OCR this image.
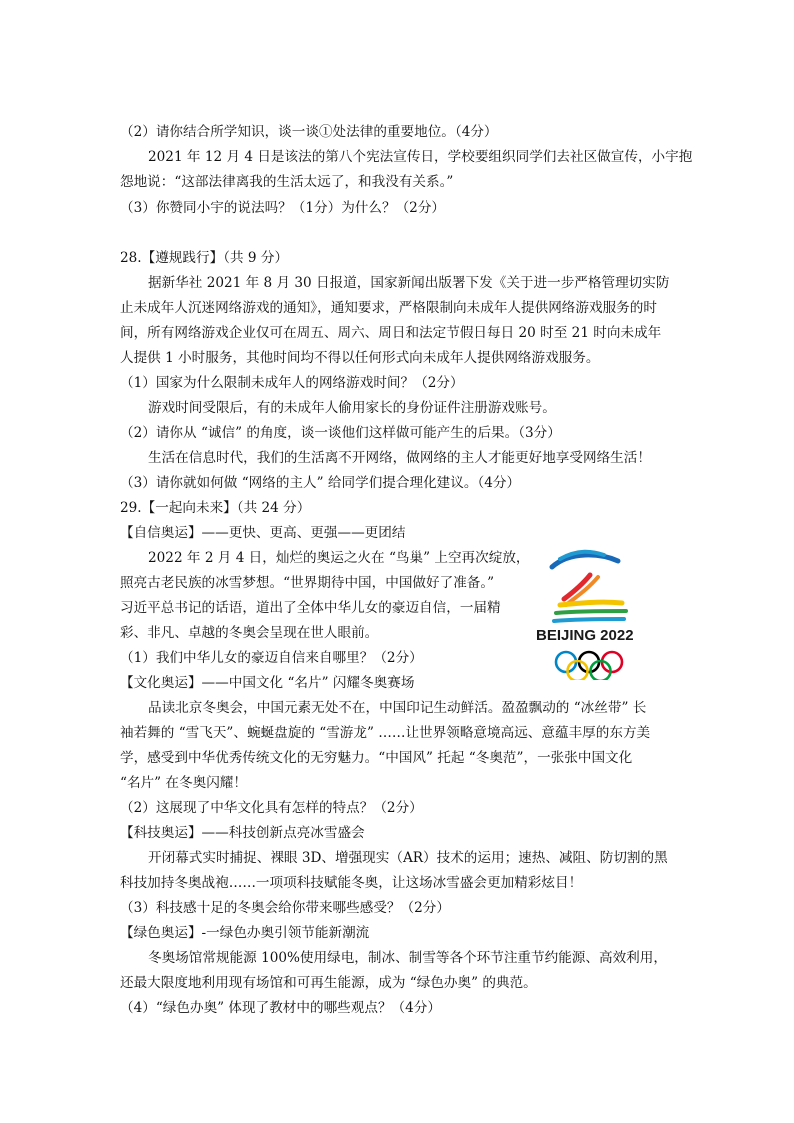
（2）请你结合所学知识，谈一谈①处法律的重要地位。（4分）
2021 年 12 月 4 日是该法的第八个宪法宣传日，学校要组织同学们去社区做宣传，小宇抱
怨地说：“这部法律离我的生活太远了，和我没有关系。”
（3）你赞同小宇的说法吗？（1分）为什么？（2分）
28.【遵规践行】（共 9 分）
据新华社 2021 年 8 月 30 日报道，国家新闻出版署下发《关于进一步严格管理切实防
止未成年人沉迷网络游戏的通知》，通知要求，严格限制向未成年人提供网络游戏服务的时
间，所有网络游戏企业仅可在周五、周六、周日和法定节假日每日 20 时至 21 时向未成年
人提供 1 小时服务，其他时间均不得以任何形式向未成年人提供网络游戏服务。
（1）国家为什么限制未成年人的网络游戏时间？（2分）
游戏时间受限后，有的未成年人偷用家长的身份证件注册游戏账号。
（2）请你从 “诚信” 的角度，谈一谈他们这样做可能产生的后果。（3分）
生活在信息时代，我们的生活离不开网络，做网络的主人才能更好地享受网络生活！
（3）请你就如何做 “网络的主人” 给同学们提合理化建议。（4分）
29.【一起向未来】（共 24 分）
【自信奥运】——更快、更高、更强——更团结
2022 年 2 月 4 日，灿烂的奥运之火在 “鸟巢” 上空再次绽放，
照亮古老民族的冰雪梦想。“世界期待中国，中国做好了准备。”
习近平总书记的话语，道出了全体中华儿女的豪迈自信，一届精
彩、非凡、卓越的冬奥会呈现在世人眼前。
（1）我们中华儿女的豪迈自信来自哪里？（2分）
【文化奥运】——中国文化 “名片” 闪耀冬奥赛场
品读北京冬奥会，中国元素无处不在，中国印记生动鲜活。盈盈飘动的 “冰丝带” 长
袖若舞的 “雪飞天”、蜿蜒盘旋的 “雪游龙” ……让世界领略意境高远、意蕴丰厚的东方美
学，感受到中华优秀传统文化的无穷魅力。“中国风” 托起 “冬奥范”，一张张中国文化
“名片” 在冬奥闪耀！
（2）这展现了中华文化具有怎样的特点？（2分）
【科技奥运】——科技创新点亮冰雪盛会
开闭幕式实时捕捉、裸眼 3D、增强现实（AR）技术的运用；速热、减阻、防切割的黑
科技加持冬奥战袍……一项项科技赋能冬奥，让这场冰雪盛会更加精彩炫目！
（3）科技感十足的冬奥会给你带来哪些感受？（2分）
【绿色奥运】-一绿色办奥引领节能新潮流
冬奥场馆常规能源 100%使用绿电，制冰、制雪等各个环节注重节约能源、高效利用，
还最大限度地利用现有场馆和可再生能源，成为 “绿色办奥” 的典范。
（4）“绿色办奥” 体现了教材中的哪些观点？（4分）
BEIJING 2022
